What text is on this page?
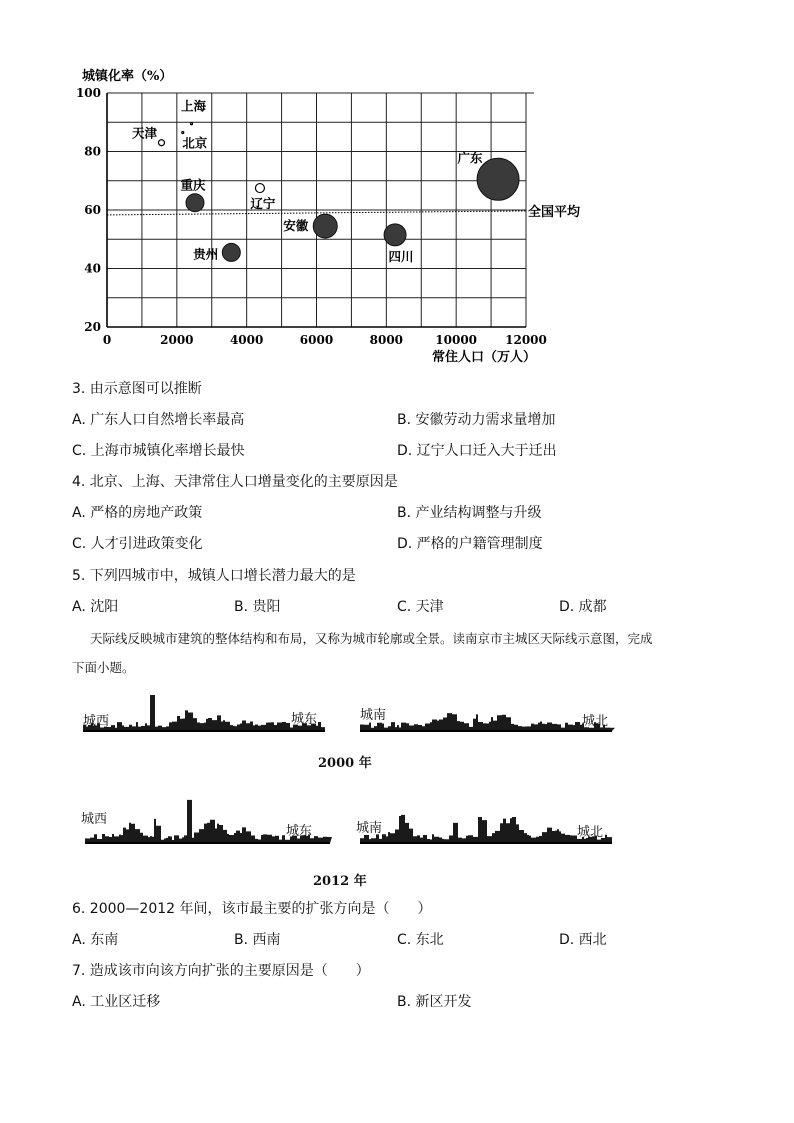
城镇化率（%）
常住人口（万人）
0	2000	4000	6000	8000	10000 12000
20
40
60
80
100
全国平均
天津
上海
北京
重庆
辽宁
贵州
安徽
四川
广东
3. 由示意图可以推断
A. 广东人口自然增长率最高	B. 安徽劳动力需求量增加
C. 上海市城镇化率增长最快	D. 辽宁人口迁入大于迁出
4. 北京、上海、天津常住人口增量变化的主要原因是
A. 严格的房地产政策	B. 产业结构调整与升级
C. 人才引进政策变化	D. 严格的户籍管理制度
5. 下列四城市中，城镇人口增长潜力最大的是
A. 沈阳	B. 贵阳	C. 天津	D. 成都
天际线反映城市建筑的整体结构和布局，又称为城市轮廓或全景。读南京市主城区天际线示意图，完成
下面小题。
城西	城东	城南	城北
2000 年
城西
城东	城南	城北
2012 年
6. 2000—2012 年间，该市最主要的扩张方向是（　　）
A. 东南	B. 西南	C. 东北	D. 西北
7. 造成该市向该方向扩张的主要原因是（　　）
A. 工业区迁移	B. 新区开发
